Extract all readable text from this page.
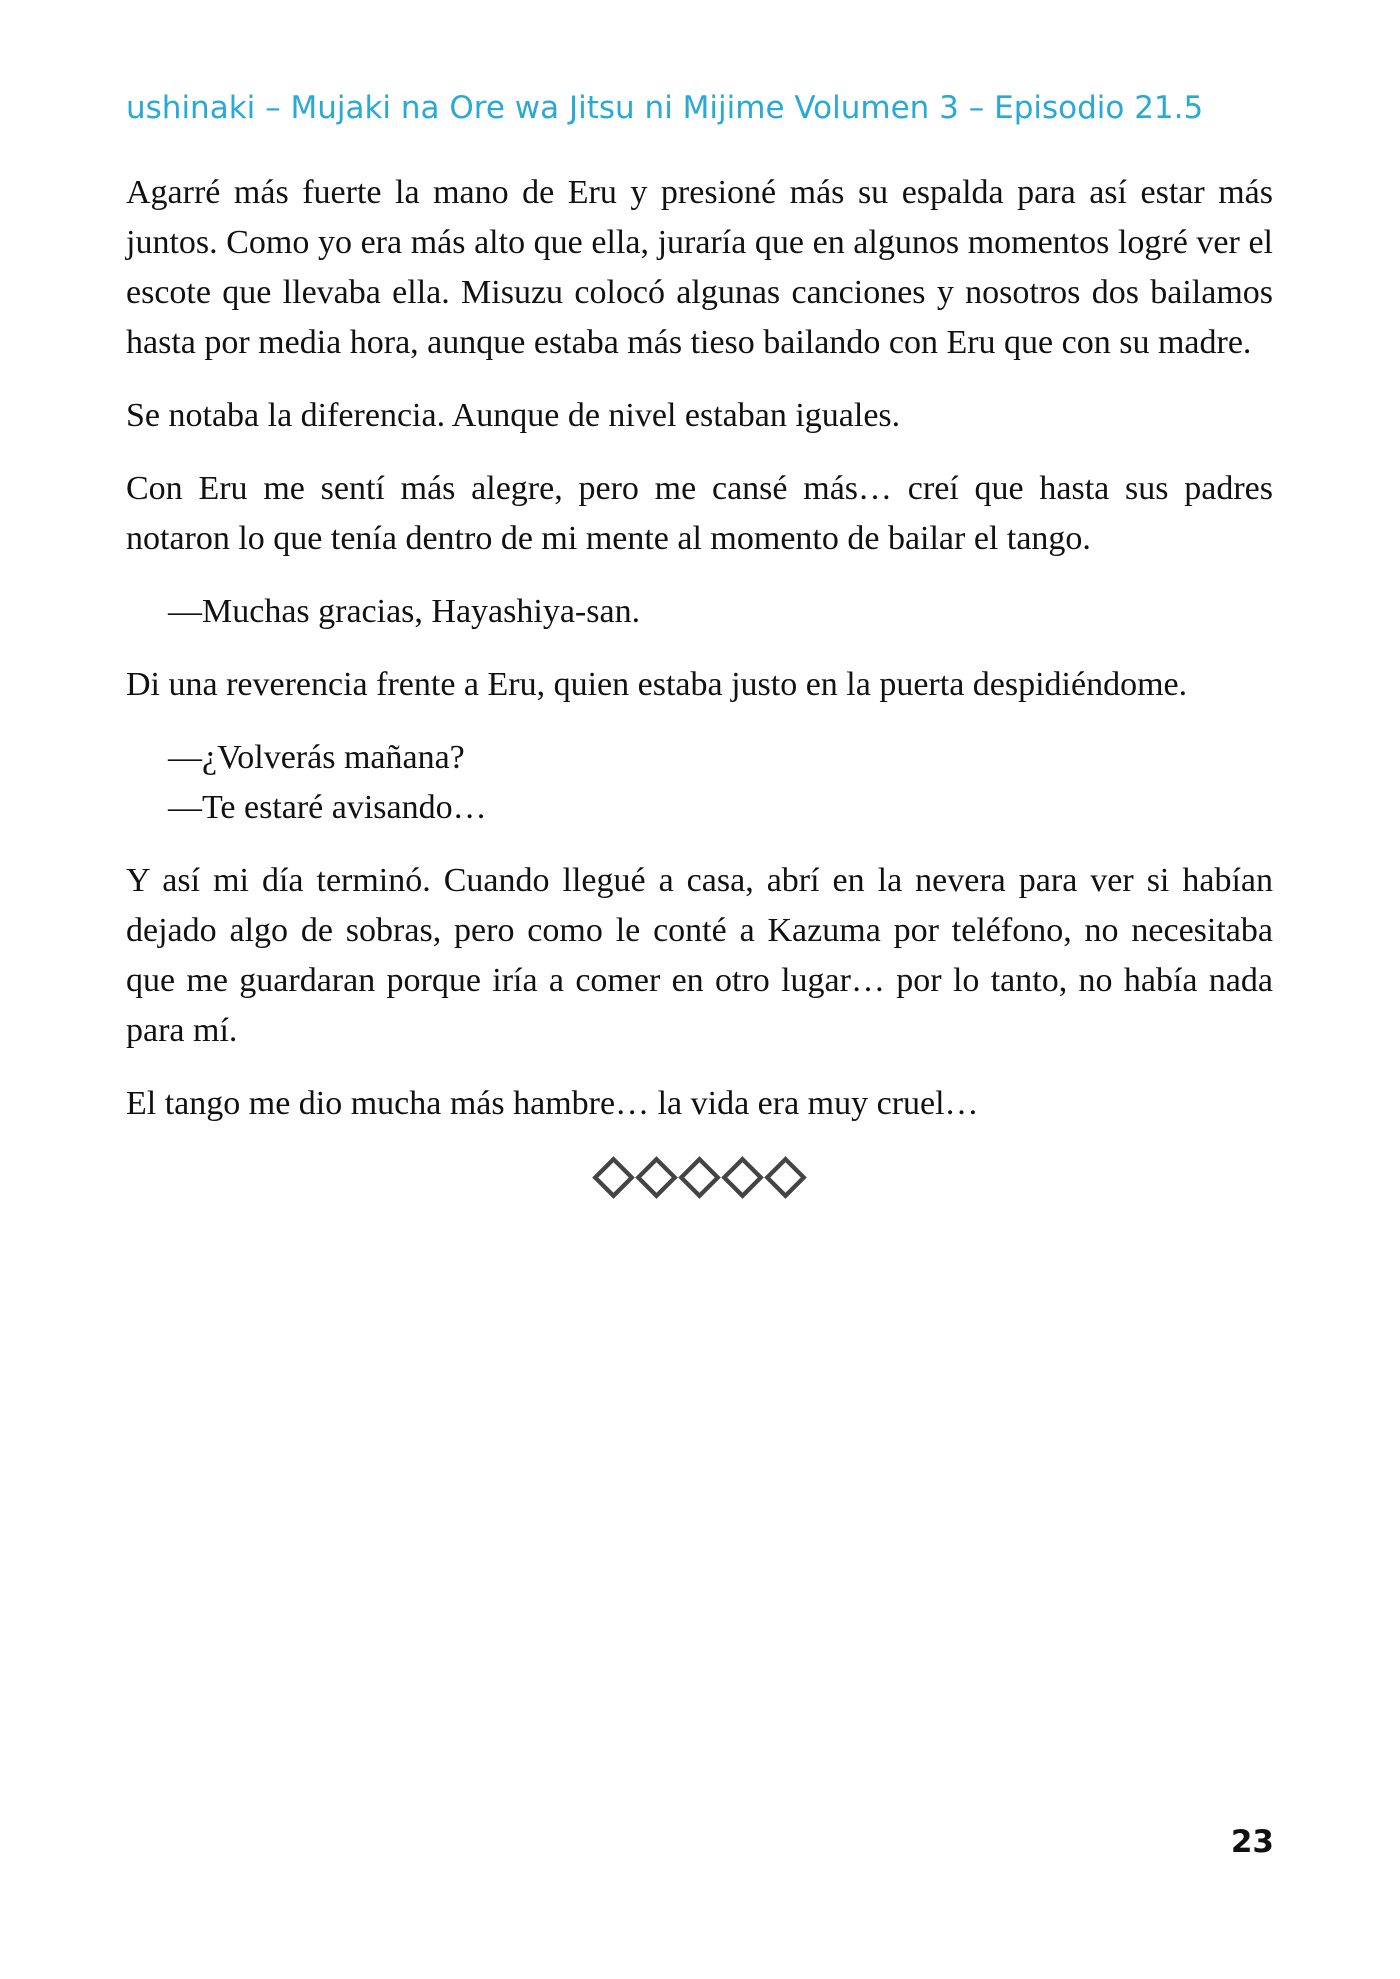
ushinaki – Mujaki na Ore wa Jitsu ni Mijime Volumen 3 – Episodio 21.5

Agarré más fuerte la mano de Eru y presioné más su espalda para así estar más juntos. Como yo era más alto que ella, juraría que en algunos momentos logré ver el escote que llevaba ella. Misuzu colocó algunas canciones y nosotros dos bailamos hasta por media hora, aunque estaba más tieso bailando con Eru que con su madre.

Se notaba la diferencia. Aunque de nivel estaban iguales.

Con Eru me sentí más alegre, pero me cansé más… creí que hasta sus padres notaron lo que tenía dentro de mi mente al momento de bailar el tango.

—Muchas gracias, Hayashiya-san.

Di una reverencia frente a Eru, quien estaba justo en la puerta despidiéndome.

—¿Volverás mañana?

—Te estaré avisando…

Y así mi día terminó. Cuando llegué a casa, abrí en la nevera para ver si habían dejado algo de sobras, pero como le conté a Kazuma por teléfono, no necesitaba que me guardaran porque iría a comer en otro lugar… por lo tanto, no había nada para mí.

El tango me dio mucha más hambre… la vida era muy cruel…

23
